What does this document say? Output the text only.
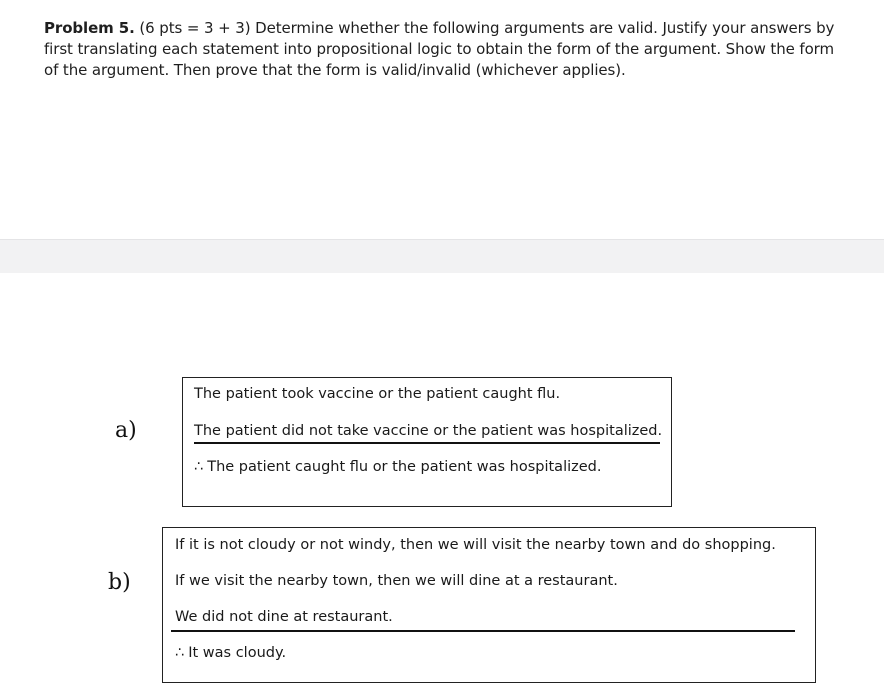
Problem 5. (6 pts = 3 + 3) Determine whether the following arguments are valid. Justify your answers by first translating each statement into propositional logic to obtain the form of the argument. Show the form of the argument. Then prove that the form is valid/invalid (whichever applies).
a)
The patient took vaccine or the patient caught flu.
The patient did not take vaccine or the patient was hospitalized.
∴ The patient caught flu or the patient was hospitalized.
b)
If it is not cloudy or not windy, then we will visit the nearby town and do shopping.
If we visit the nearby town, then we will dine at a restaurant.
We did not dine at restaurant.
∴ It was cloudy.
